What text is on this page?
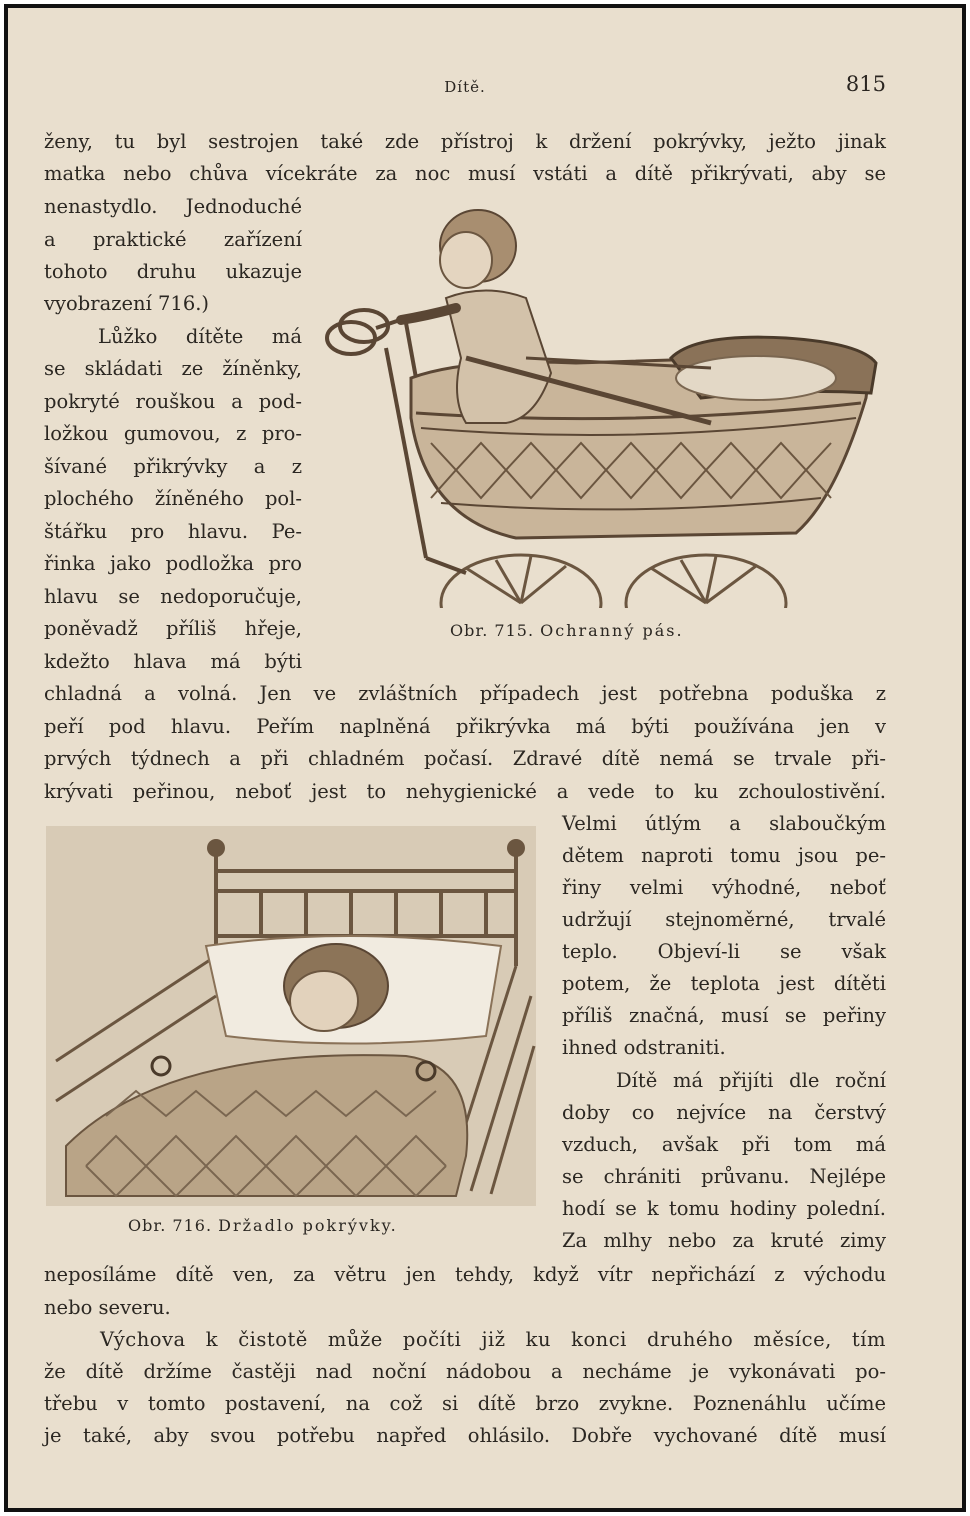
Dítě.	815
ženy, tu byl sestrojen také zde přístroj k držení pokrývky, ježto jinak
matka nebo chůva vícekráte za noc musí vstáti a dítě přikrývati, aby se
nenastydlo. Jednoduché
a praktické zařízení
tohoto druhu ukazuje
vyobrazení 716.)
Lůžko dítěte má
se skládati ze žíněnky,
pokryté rouškou a pod-
ložkou gumovou, z pro-
šívané přikrývky a z
plochého žíněného pol-
štářku pro hlavu. Pe-
řinka jako podložka pro
hlavu se nedoporučuje,
poněvadž příliš hřeje,
kdežto hlava má býti
Obr. 715. Ochranný pás.
chladná a volná. Jen ve zvláštních případech jest potřebna poduška z
peří pod hlavu. Peřím naplněná přikrývka má býti používána jen v
prvých týdnech a při chladném počasí. Zdravé dítě nemá se trvale při-
krývati peřinou, neboť jest to nehygienické a vede to ku zchoulostivění.
Obr. 716. Držadlo pokrývky.
Velmi útlým a slaboučkým
dětem naproti tomu jsou pe-
řiny velmi výhodné, neboť
udržují stejnoměrné, trvalé
teplo. Objeví-li se však
potem, že teplota jest dítěti
příliš značná, musí se peřiny
ihned odstraniti.
Dítě má přijíti dle roční
doby co nejvíce na čerstvý
vzduch, avšak při tom má
se chrániti průvanu. Nejlépe
hodí se k tomu hodiny polední.
Za mlhy nebo za kruté zimy
neposíláme dítě ven, za větru jen tehdy, když vítr nepřichází z východu
nebo severu.
Výchova k čistotě může počíti již ku konci druhého měsíce, tím
že dítě držíme častěji nad noční nádobou a necháme je vykonávati po-
třebu v tomto postavení, na což si dítě brzo zvykne. Poznenáhlu učíme
je také, aby svou potřebu napřed ohlásilo. Dobře vychované dítě musí
